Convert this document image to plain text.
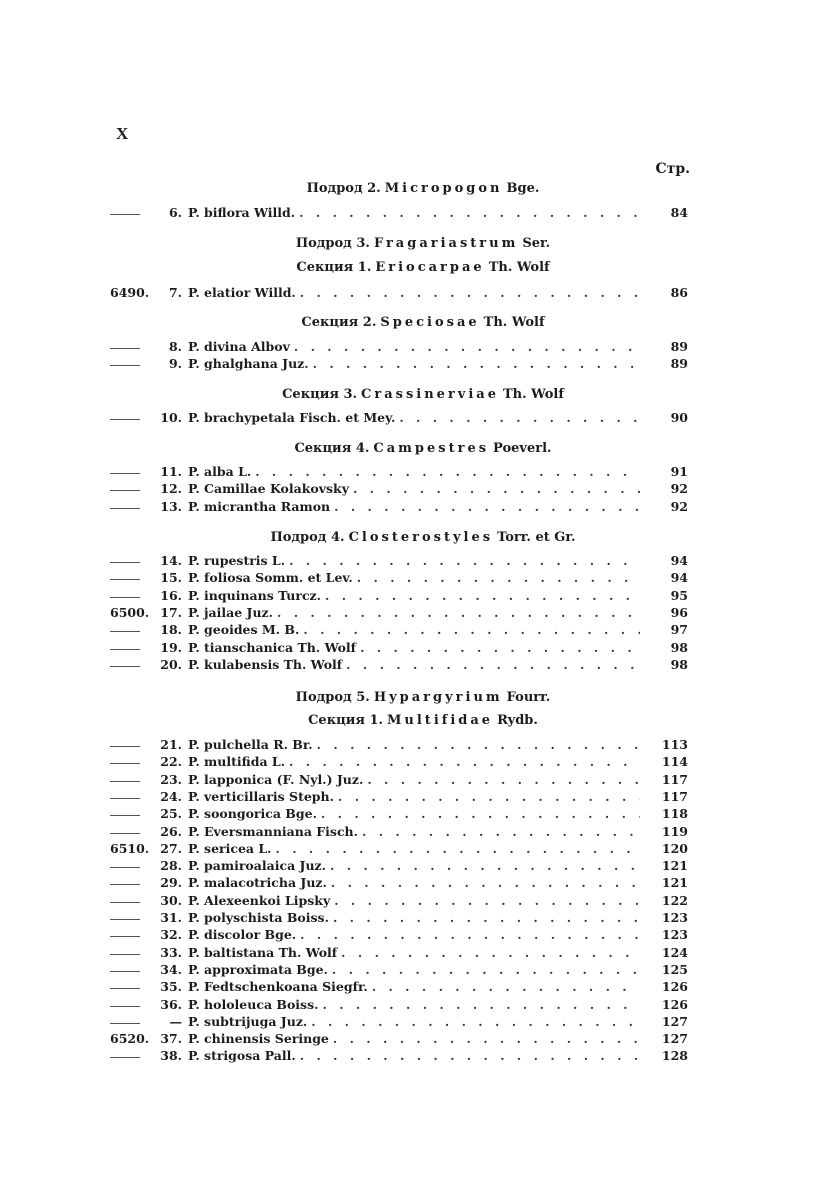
X
Стр.
Подрод 2. Micropogon Bge.
6. P. biflora Willd. . . .	84
Подрод 3. Fragariastrum Ser.
Секция 1. Eriocarpae Th. Wolf
6490.	7. P. elatior Willd. . . .	86
Секция 2. Speciosae Th. Wolf
8. P. divina Albov . . .	89
9. P. ghalghana Juz. . . .	89
Секция 3. Crassinerviae Th. Wolf
10. P. brachypetala Fisch. et Mey. . . .	90
Секция 4. Campestres Poeverl.
11. P. alba L. . . .	91
12. P. Camillae Kolakovsky . . .	92
13. P. micrantha Ramon . . .	92
Подрод 4. Closterostyles Torr. et Gr.
14. P. rupestris L. . . .	94
15. P. foliosa Somm. et Lev. . . .	94
16. P. inquinans Turcz. . . .	95
6500. 17. P. jailae Juz. . . .	96
18. P. geoides M. B. . . .	97
19. P. tianschanica Th. Wolf . . .	98
20. P. kulabensis Th. Wolf . . .	98
Подрод 5. Hypargyrium Fourr.
Секция 1. Multifidae Rydb.
21. P. pulchella R. Br. . . .	113
22. P. multifida L. . . .	114
23. P. lapponica (F. Nyl.) Juz. . . .	117
24. P. verticillaris Steph. . . .	117
25. P. soongorica Bge. . . .	118
26. P. Eversmanniana Fisch. . . .	119
6510. 27. P. sericea L. . . .	120
28. P. pamiroalaica Juz. . . .	121
29. P. malacotricha Juz. . . .	121
30. P. Alexeenkoi Lipsky . . .	122
31. P. polyschista Boiss. . . .	123
32. P. discolor Bge. . . .	123
33. P. baltistana Th. Wolf . . .	124
34. P. approximata Bge. . . .	125
35. P. Fedtschenkoana Siegfr. . . .	126
36. P. hololeuca Boiss. . . .	126
— P. subtrijuga Juz. . . .	127
6520. 37. P. chinensis Seringe . . .	127
38. P. strigosa Pall. . . .	128
